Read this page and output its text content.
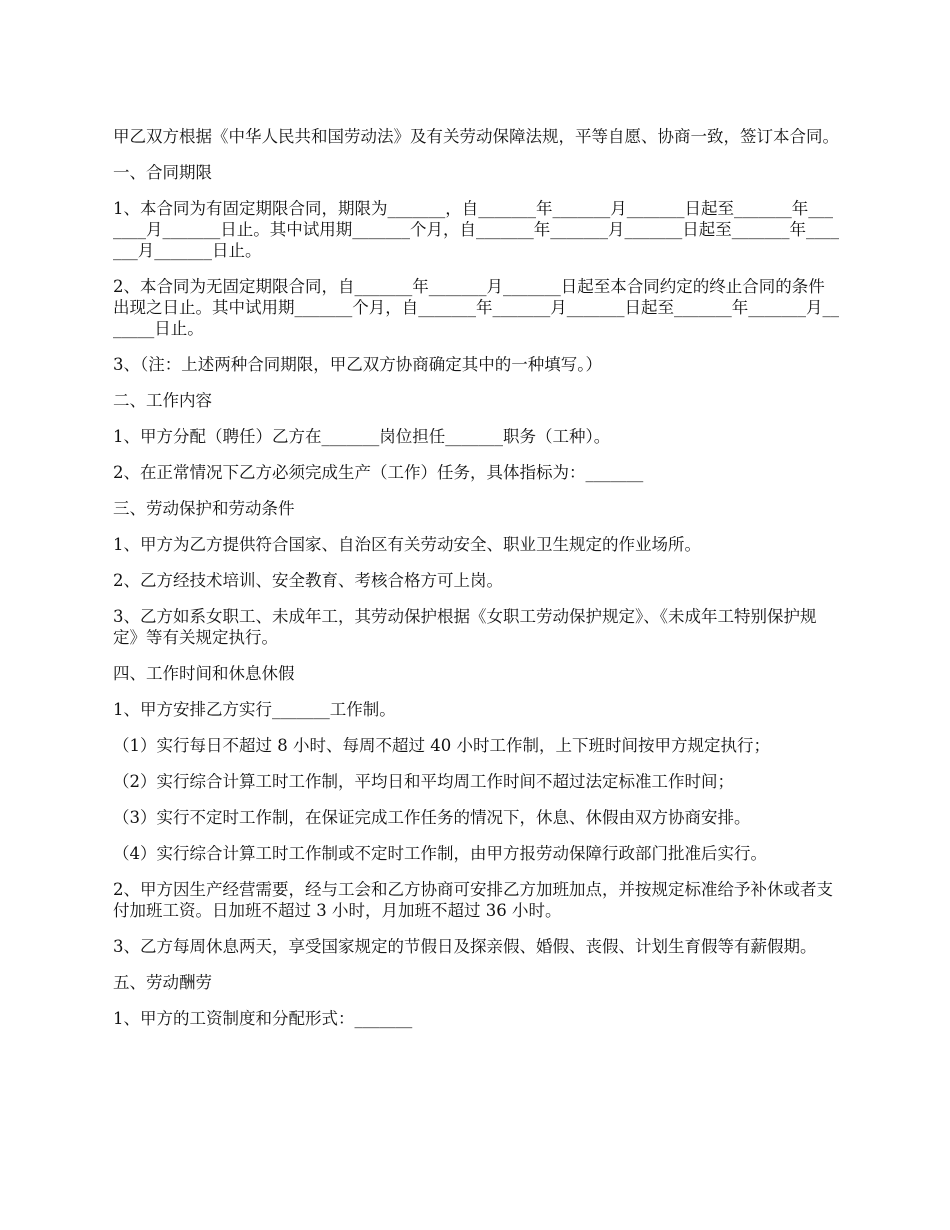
甲乙双方根据《中华人民共和国劳动法》及有关劳动保障法规，平等自愿、协商一致，签订本合同。

一、合同期限

1、本合同为有固定期限合同，期限为_______，自_______年_______月_______日起至_______年_______月_______日止。其中试用期_______个月，自_______年_______月_______日起至_______年_______月_______日止。

2、本合同为无固定期限合同，自_______年_______月_______日起至本合同约定的终止合同的条件出现之日止。其中试用期_______个月，自_______年_______月_______日起至_______年_______月_______日止。

3、（注：上述两种合同期限，甲乙双方协商确定其中的一种填写。）

二、工作内容

1、甲方分配（聘任）乙方在_______岗位担任_______职务（工种）。

2、在正常情况下乙方必须完成生产（工作）任务，具体指标为：_______

三、劳动保护和劳动条件

1、甲方为乙方提供符合国家、自治区有关劳动安全、职业卫生规定的作业场所。

2、乙方经技术培训、安全教育、考核合格方可上岗。

3、乙方如系女职工、未成年工，其劳动保护根据《女职工劳动保护规定》、《未成年工特别保护规定》等有关规定执行。

四、工作时间和休息休假

1、甲方安排乙方实行_______工作制。

（1）实行每日不超过 8 小时、每周不超过 40 小时工作制，上下班时间按甲方规定执行；

（2）实行综合计算工时工作制，平均日和平均周工作时间不超过法定标准工作时间；

（3）实行不定时工作制，在保证完成工作任务的情况下，休息、休假由双方协商安排。

（4）实行综合计算工时工作制或不定时工作制，由甲方报劳动保障行政部门批准后实行。

2、甲方因生产经营需要，经与工会和乙方协商可安排乙方加班加点，并按规定标准给予补休或者支付加班工资。日加班不超过 3 小时，月加班不超过 36 小时。

3、乙方每周休息两天，享受国家规定的节假日及探亲假、婚假、丧假、计划生育假等有薪假期。

五、劳动酬劳

1、甲方的工资制度和分配形式：_______
